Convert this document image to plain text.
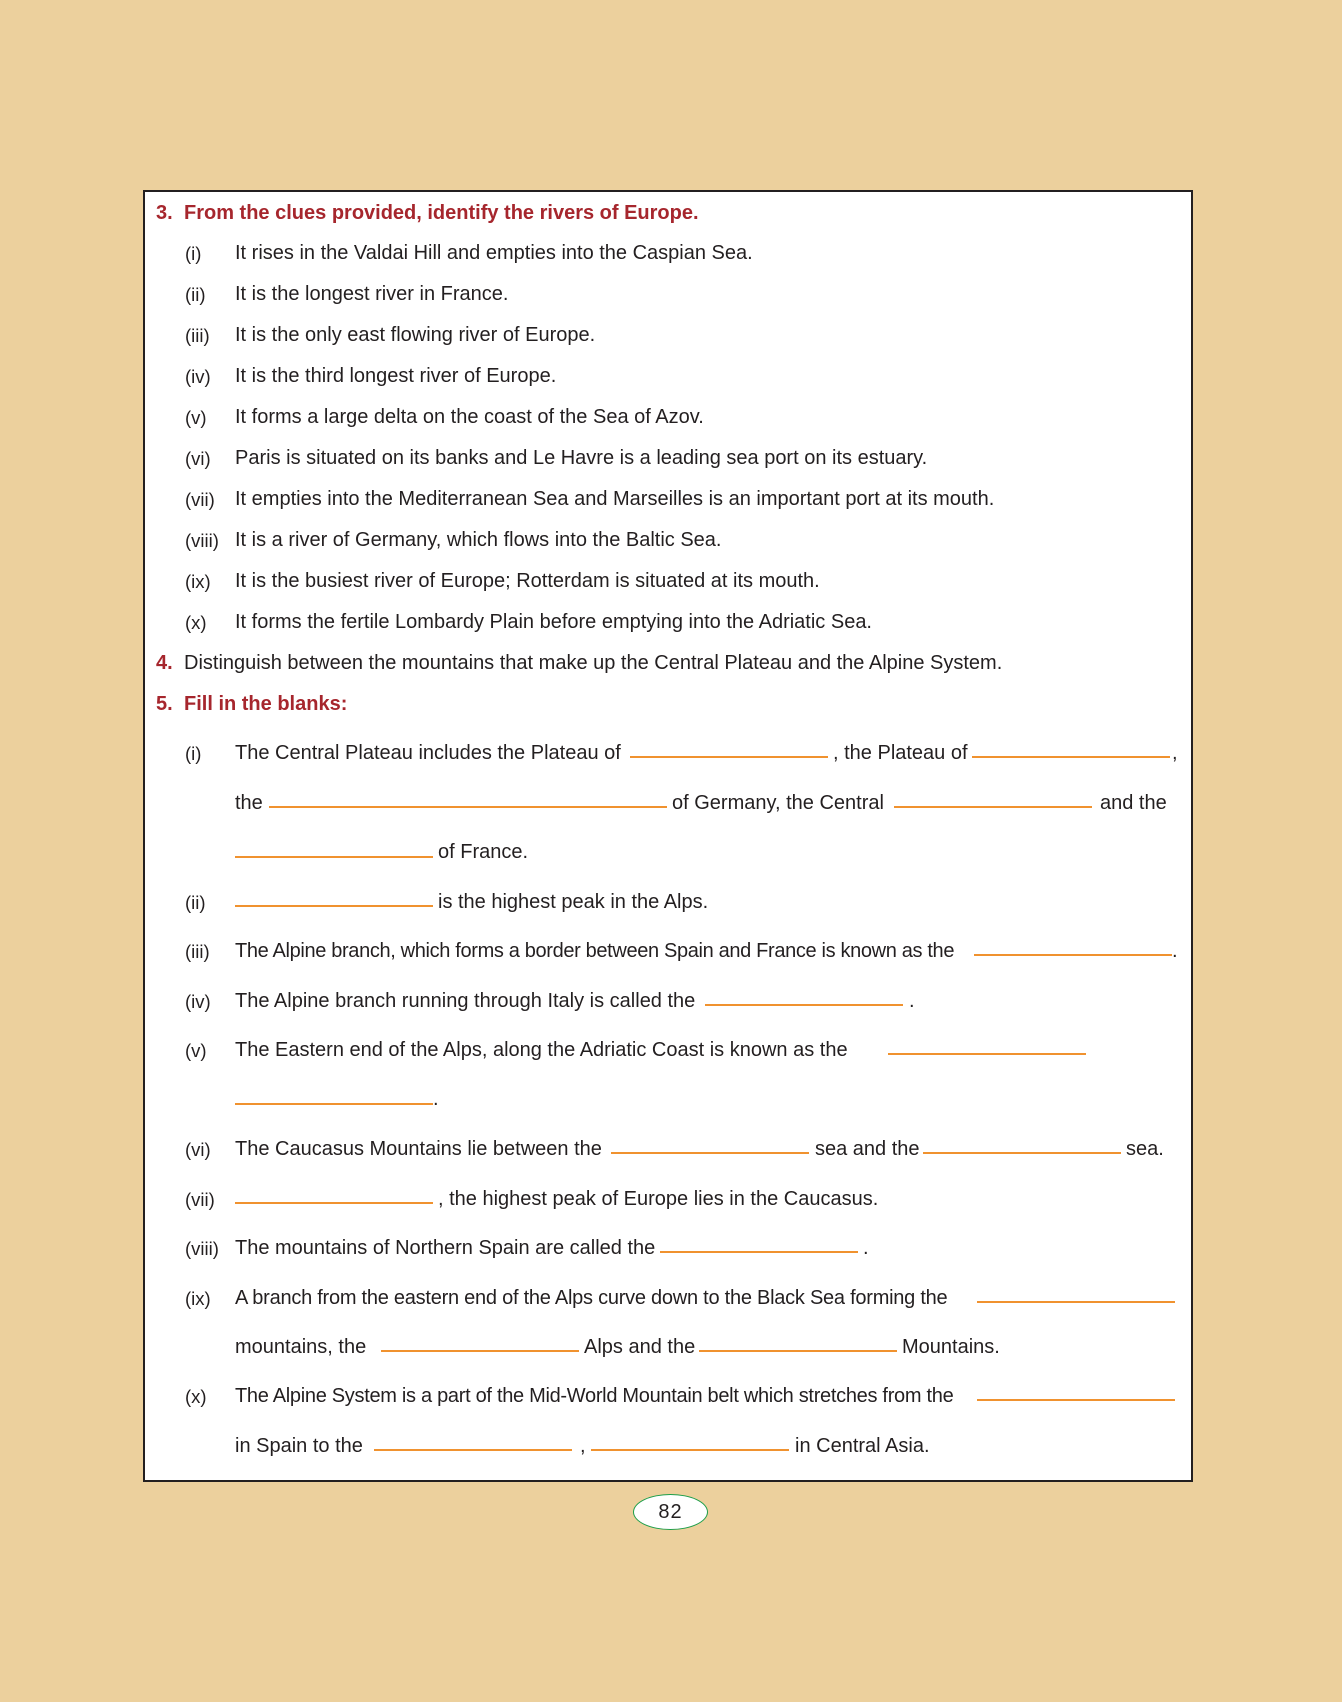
3. From the clues provided, identify the rivers of Europe.
(i) It rises in the Valdai Hill and empties into the Caspian Sea.
(ii) It is the longest river in France.
(iii) It is the only east flowing river of Europe.
(iv) It is the third longest river of Europe.
(v) It forms a large delta on the coast of the Sea of Azov.
(vi) Paris is situated on its banks and Le Havre is a leading sea port on its estuary.
(vii) It empties into the Mediterranean Sea and Marseilles is an important port at its mouth.
(viii) It is a river of Germany, which flows into the Baltic Sea.
(ix) It is the busiest river of Europe; Rotterdam is situated at its mouth.
(x) It forms the fertile Lombardy Plain before emptying into the Adriatic Sea.
4. Distinguish between the mountains that make up the Central Plateau and the Alpine System.
5. Fill in the blanks:
(i) The Central Plateau includes the Plateau of	, the Plateau of	,
the	of Germany, the Central	and the
of France.
(ii)	is the highest peak in the Alps.
(iii) The Alpine branch, which forms a border between Spain and France is known as the	.
(iv) The Alpine branch running through Italy is called the	.
(v) The Eastern end of the Alps, along the Adriatic Coast is known as the
.
(vi) The Caucasus Mountains lie between the	sea and the	sea.
(vii)	, the highest peak of Europe lies in the Caucasus.
(viii) The mountains of Northern Spain are called the	.
(ix) A branch from the eastern end of the Alps curve down to the Black Sea forming the
mountains, the	Alps and the	Mountains.
(x) The Alpine System is a part of the Mid-World Mountain belt which stretches from the
in Spain to the	,	in Central Asia.
82
